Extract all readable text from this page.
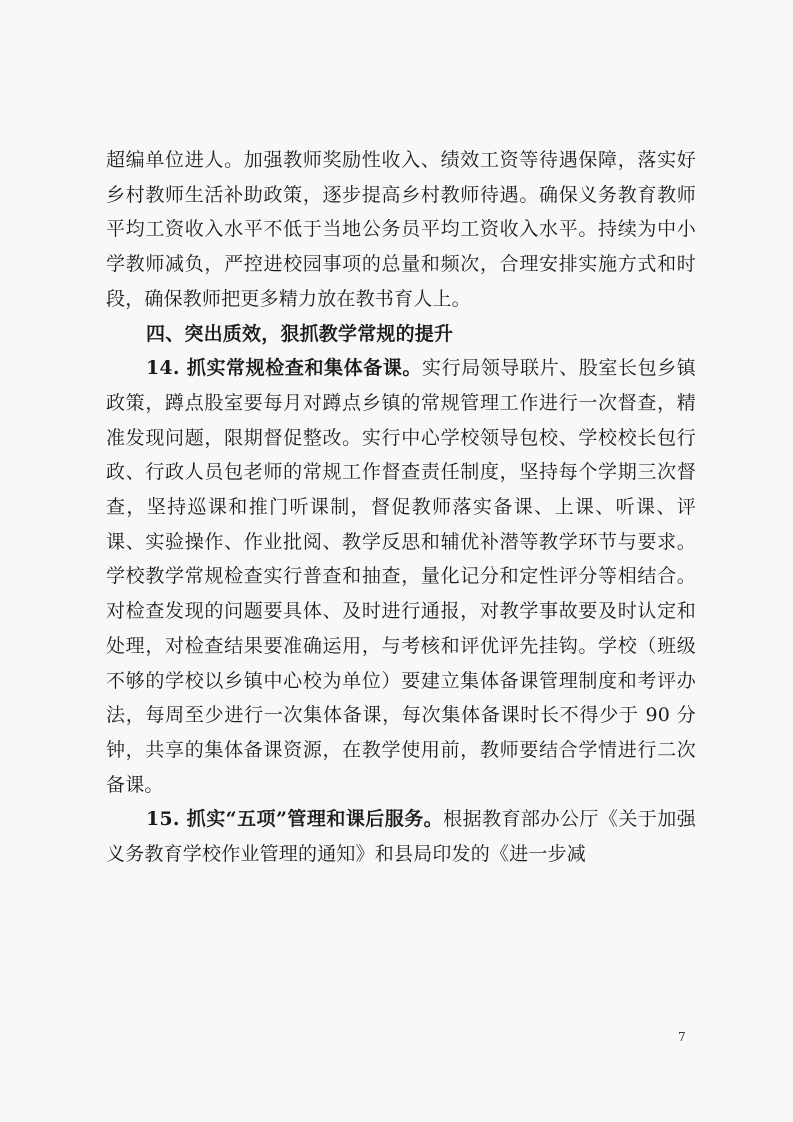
超编单位进人。加强教师奖励性收入、绩效工资等待遇保障，落实好乡村教师生活补助政策，逐步提高乡村教师待遇。确保义务教育教师平均工资收入水平不低于当地公务员平均工资收入水平。持续为中小学教师减负，严控进校园事项的总量和频次，合理安排实施方式和时段，确保教师把更多精力放在教书育人上。

四、突出质效，狠抓教学常规的提升

14. 抓实常规检查和集体备课。实行局领导联片、股室长包乡镇政策，蹲点股室要每月对蹲点乡镇的常规管理工作进行一次督查，精准发现问题，限期督促整改。实行中心学校领导包校、学校校长包行政、行政人员包老师的常规工作督查责任制度，坚持每个学期三次督查，坚持巡课和推门听课制，督促教师落实备课、上课、听课、评课、实验操作、作业批阅、教学反思和辅优补潜等教学环节与要求。学校教学常规检查实行普查和抽查，量化记分和定性评分等相结合。对检查发现的问题要具体、及时进行通报，对教学事故要及时认定和处理，对检查结果要准确运用，与考核和评优评先挂钩。学校（班级不够的学校以乡镇中心校为单位）要建立集体备课管理制度和考评办法，每周至少进行一次集体备课，每次集体备课时长不得少于 90 分钟，共享的集体备课资源，在教学使用前，教师要结合学情进行二次备课。

15. 抓实“五项”管理和课后服务。根据教育部办公厅《关于加强义务教育学校作业管理的通知》和县局印发的《进一步减

7
